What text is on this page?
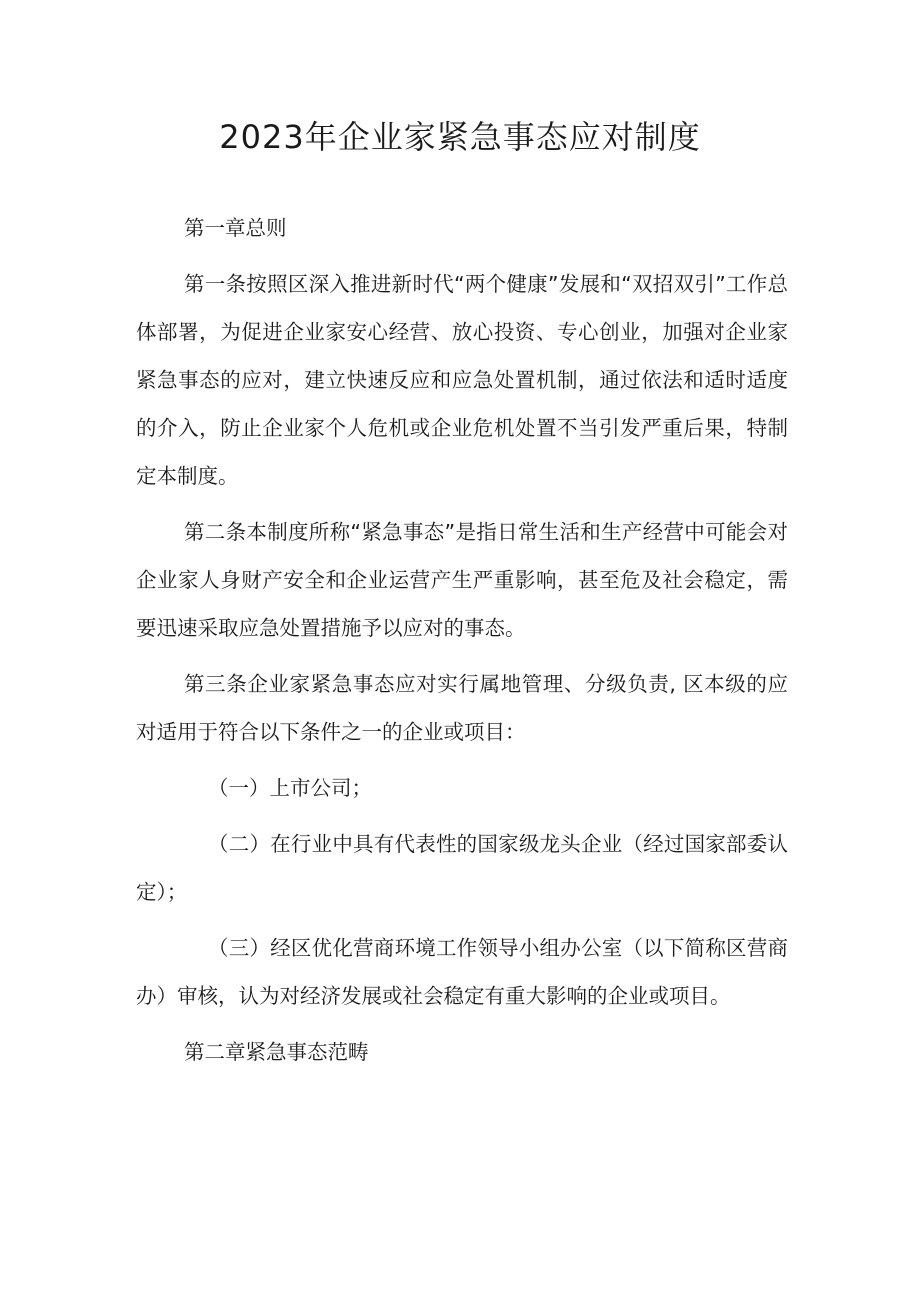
2023年企业家紧急事态应对制度

第一章总则

第一条按照区深入推进新时代“两个健康”发展和“双招双引”工作总体部署，为促进企业家安心经营、放心投资、专心创业，加强对企业家紧急事态的应对，建立快速反应和应急处置机制，通过依法和适时适度的介入，防止企业家个人危机或企业危机处置不当引发严重后果，特制定本制度。

第二条本制度所称“紧急事态”是指日常生活和生产经营中可能会对企业家人身财产安全和企业运营产生严重影响，甚至危及社会稳定，需要迅速采取应急处置措施予以应对的事态。

第三条企业家紧急事态应对实行属地管理、分级负责, 区本级的应对适用于符合以下条件之一的企业或项目：

（一）上市公司；

（二）在行业中具有代表性的国家级龙头企业（经过国家部委认定）；

（三）经区优化营商环境工作领导小组办公室（以下简称区营商办）审核，认为对经济发展或社会稳定有重大影响的企业或项目。

第二章紧急事态范畴
